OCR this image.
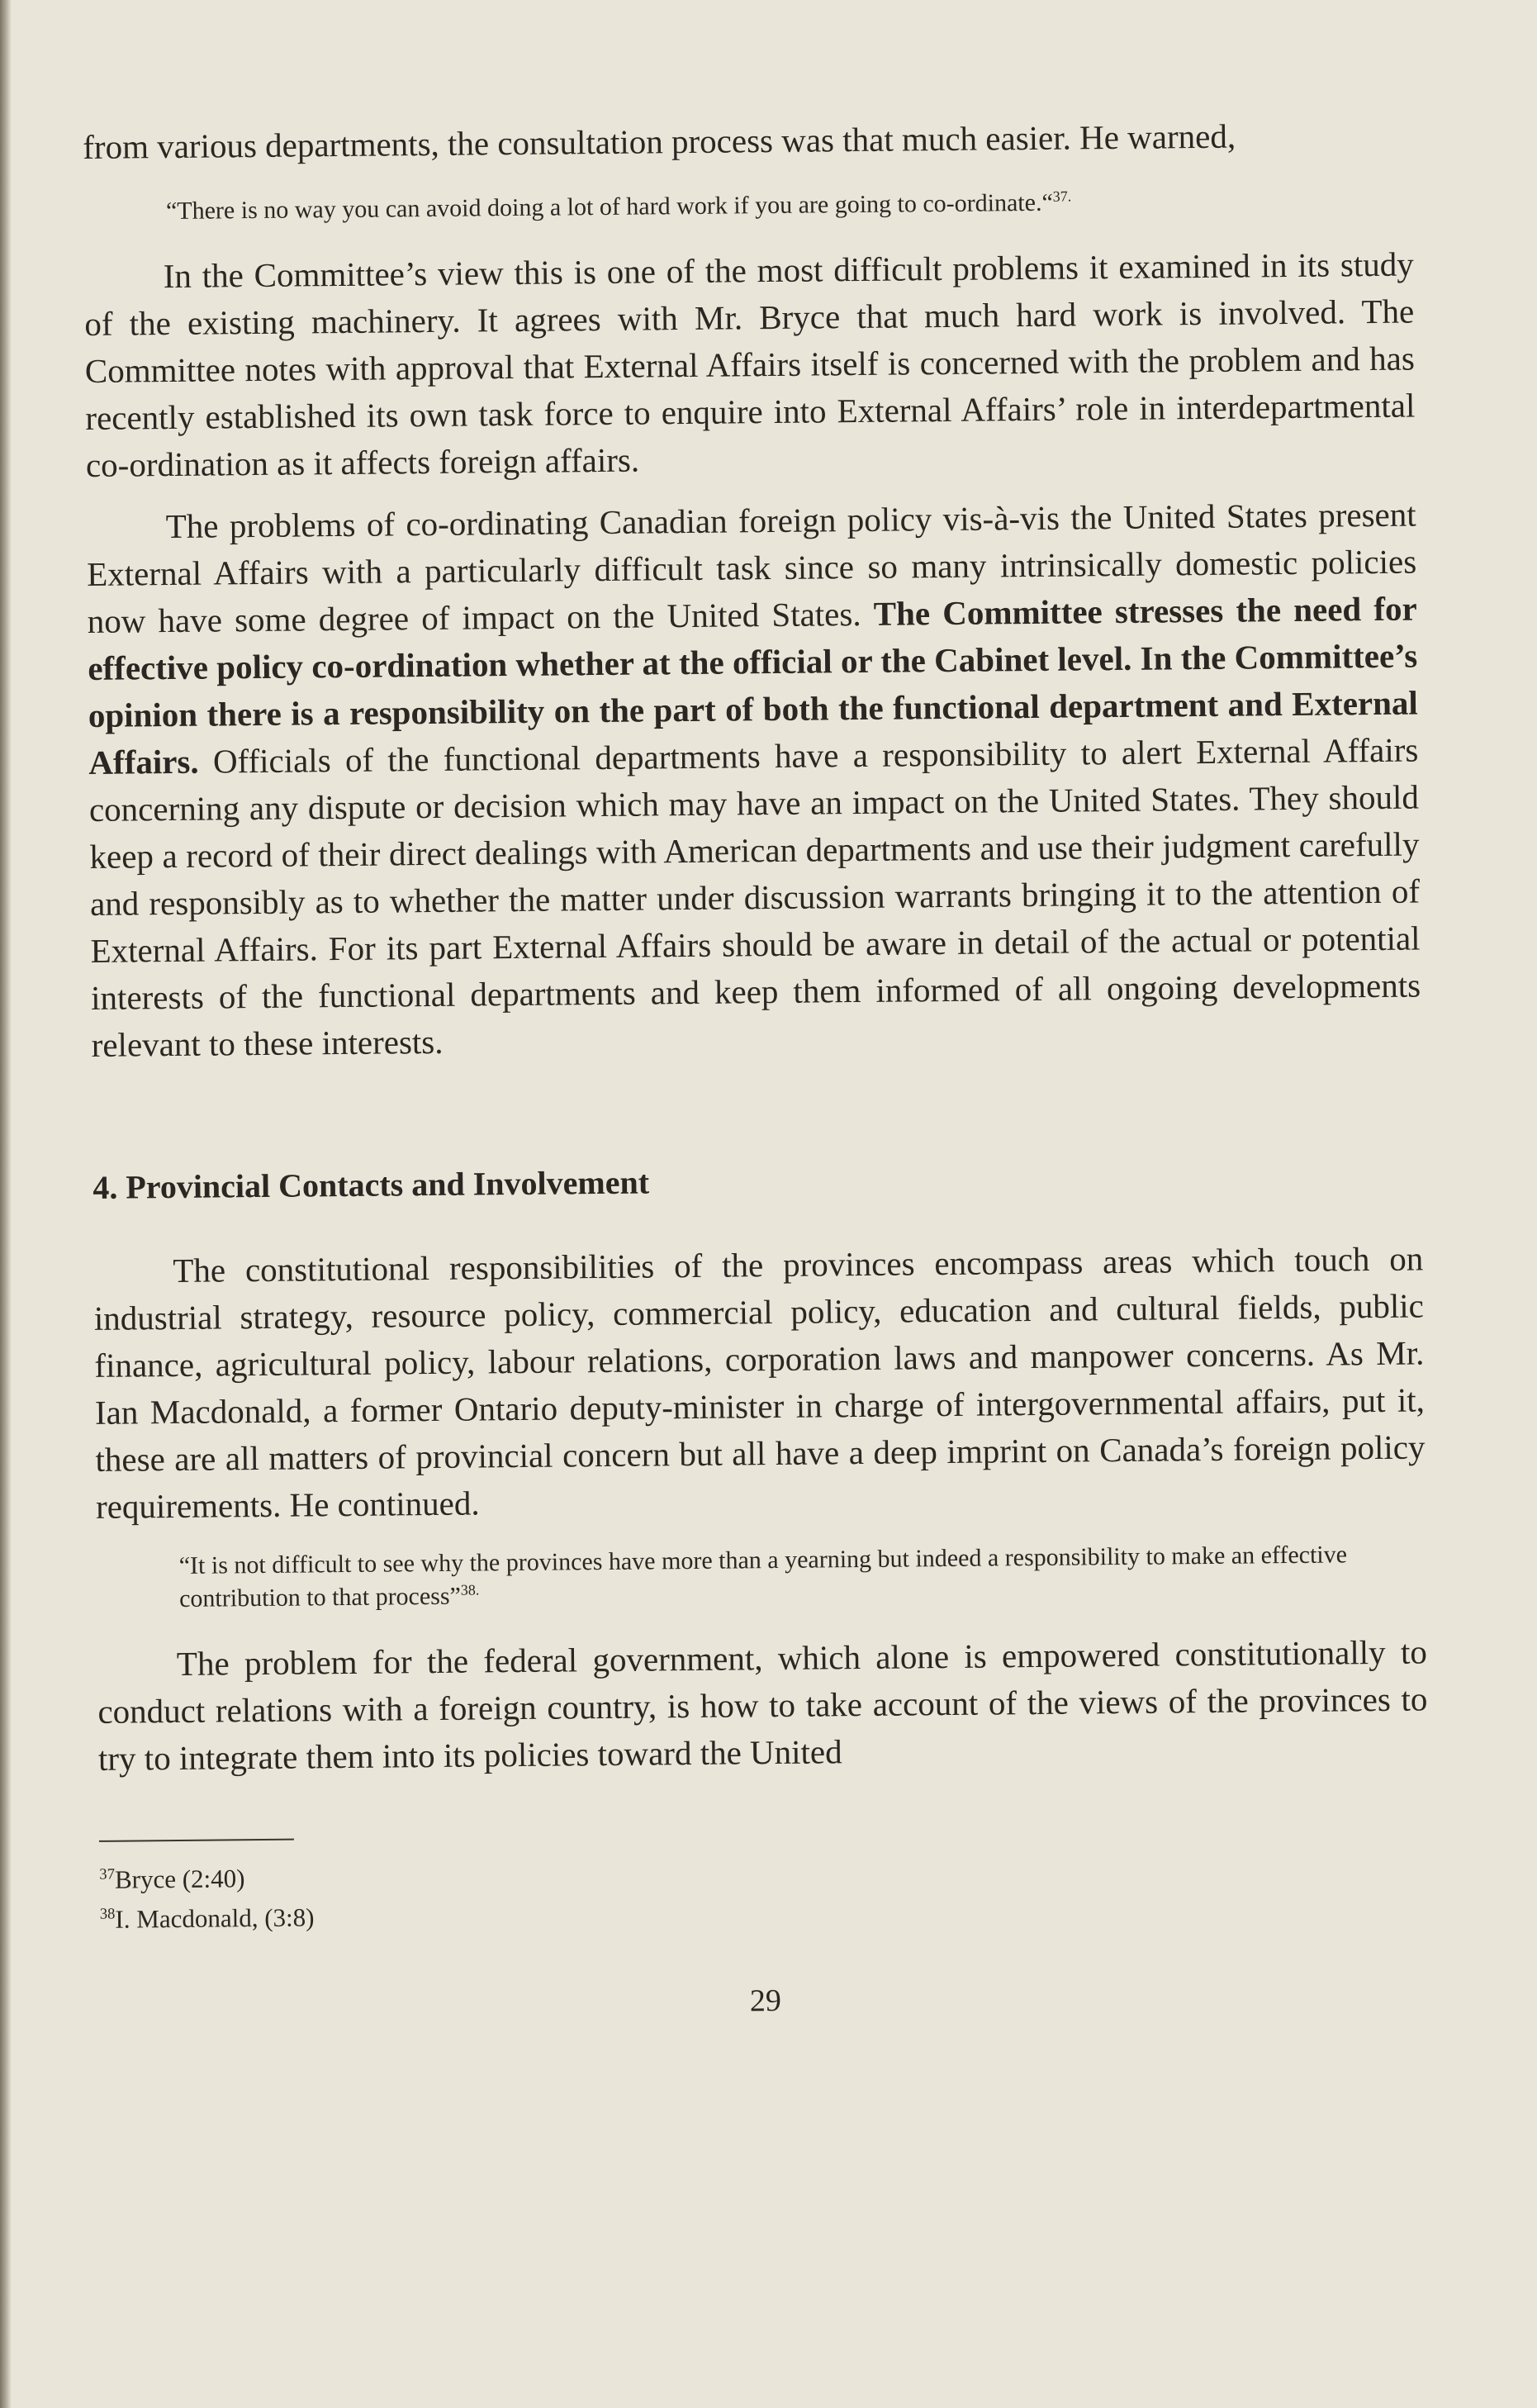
from various departments, the consultation process was that much easier. He warned,

“There is no way you can avoid doing a lot of hard work if you are going to co-ordinate.“$^{37.}$

In the Committee’s view this is one of the most difficult problems it examined in its study of the existing machinery. It agrees with Mr. Bryce that much hard work is involved. The Committee notes with approval that External Affairs itself is concerned with the problem and has recently established its own task force to enquire into External Affairs’ role in interdepartmental co-ordination as it affects foreign affairs.

The problems of co-ordinating Canadian foreign policy vis-à-vis the United States present External Affairs with a particularly difficult task since so many intrinsically domestic policies now have some degree of impact on the United States. The Committee stresses the need for effective policy co-ordination whether at the official or the Cabinet level. In the Committee’s opinion there is a responsibility on the part of both the functional department and External Affairs. Officials of the functional departments have a responsibility to alert External Affairs concerning any dispute or decision which may have an impact on the United States. They should keep a record of their direct dealings with American departments and use their judgment carefully and responsibly as to whether the matter under discussion warrants bringing it to the attention of External Affairs. For its part External Affairs should be aware in detail of the actual or potential interests of the functional departments and keep them informed of all ongoing developments relevant to these interests.

4. Provincial Contacts and Involvement

The constitutional responsibilities of the provinces encompass areas which touch on industrial strategy, resource policy, commercial policy, education and cultural fields, public finance, agricultural policy, labour relations, corporation laws and manpower concerns. As Mr. Ian Macdonald, a former Ontario deputy-minister in charge of intergovernmental affairs, put it, these are all matters of provincial concern but all have a deep imprint on Canada’s foreign policy requirements. He continued.

“It is not difficult to see why the provinces have more than a yearning but indeed a responsibility to make an effective contribution to that process”$^{38.}$

The problem for the federal government, which alone is empowered constitutionally to conduct relations with a foreign country, is how to take account of the views of the provinces to try to integrate them into its policies toward the United

$^{37}$Bryce (2:40)

$^{38}$I. Macdonald, (3:8)

29
